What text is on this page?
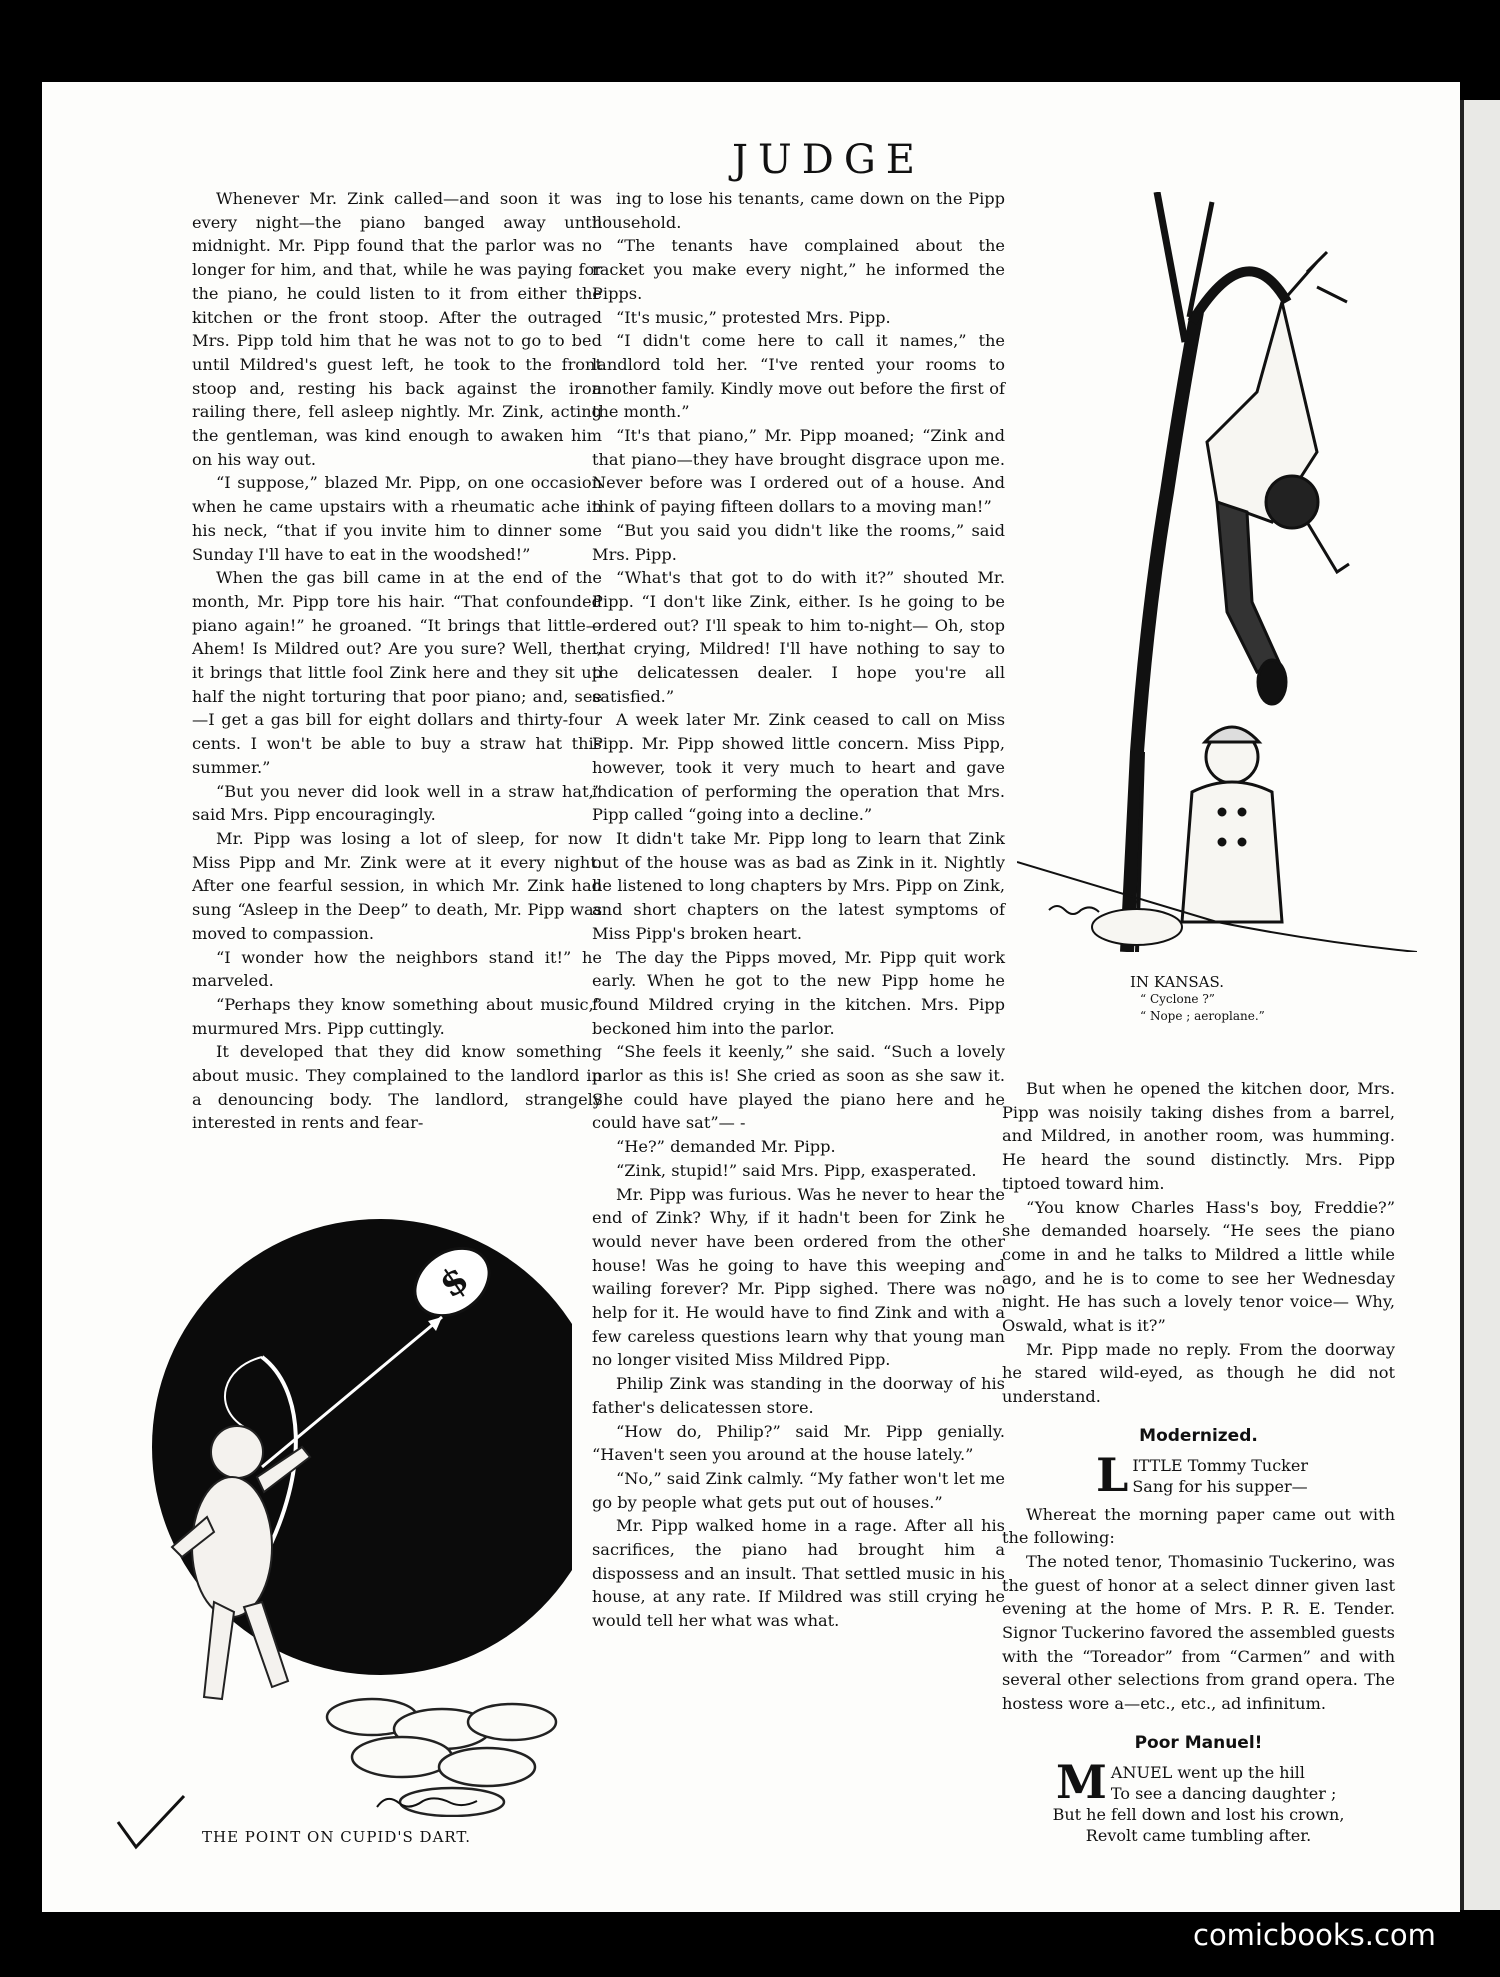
JUDGE

Whenever Mr. Zink called—and soon it was every night—the piano banged away until midnight. Mr. Pipp found that the parlor was no longer for him, and that, while he was paying for the piano, he could listen to it from either the kitchen or the front stoop. After the outraged Mrs. Pipp told him that he was not to go to bed until Mildred's guest left, he took to the front stoop and, resting his back against the iron railing there, fell asleep nightly. Mr. Zink, acting the gentleman, was kind enough to awaken him on his way out.

“I suppose,” blazed Mr. Pipp, on one occasion when he came upstairs with a rheumatic ache in his neck, “that if you invite him to dinner some Sunday I'll have to eat in the woodshed!”

When the gas bill came in at the end of the month, Mr. Pipp tore his hair. “That confounded piano again!” he groaned. “It brings that little— Ahem! Is Mildred out? Are you sure? Well, then, it brings that little fool Zink here and they sit up half the night torturing that poor piano; and, see—I get a gas bill for eight dollars and thirty-four cents. I won't be able to buy a straw hat this summer.”

“But you never did look well in a straw hat,” said Mrs. Pipp encouragingly.

Mr. Pipp was losing a lot of sleep, for now Miss Pipp and Mr. Zink were at it every night. After one fearful session, in which Mr. Zink had sung “Asleep in the Deep” to death, Mr. Pipp was moved to compassion.

“I wonder how the neighbors stand it!” he marveled.

“Perhaps they know something about music,” murmured Mrs. Pipp cuttingly.

It developed that they did know something about music. They complained to the landlord in a denouncing body. The landlord, strangely interested in rents and fear-

ing to lose his tenants, came down on the Pipp household.

“The tenants have complained about the racket you make every night,” he informed the Pipps.

“It's music,” protested Mrs. Pipp.

“I didn't come here to call it names,” the landlord told her. “I've rented your rooms to another family. Kindly move out before the first of the month.”

“It's that piano,” Mr. Pipp moaned; “Zink and that piano—they have brought disgrace upon me. Never before was I ordered out of a house. And think of paying fifteen dollars to a moving man!”

“But you said you didn't like the rooms,” said Mrs. Pipp.

“What's that got to do with it?” shouted Mr. Pipp. “I don't like Zink, either. Is he going to be ordered out? I'll speak to him to-night— Oh, stop that crying, Mildred! I'll have nothing to say to the delicatessen dealer. I hope you're all satisfied.”

A week later Mr. Zink ceased to call on Miss Pipp. Mr. Pipp showed little concern. Miss Pipp, however, took it very much to heart and gave indication of performing the operation that Mrs. Pipp called “going into a decline.”

It didn't take Mr. Pipp long to learn that Zink out of the house was as bad as Zink in it. Nightly he listened to long chapters by Mrs. Pipp on Zink, and short chapters on the latest symptoms of Miss Pipp's broken heart.

The day the Pipps moved, Mr. Pipp quit work early. When he got to the new Pipp home he found Mildred crying in the kitchen. Mrs. Pipp beckoned him into the parlor.

“She feels it keenly,” she said. “Such a lovely parlor as this is! She cried as soon as she saw it. She could have played the piano here and he could have sat”— -

“He?” demanded Mr. Pipp.

“Zink, stupid!” said Mrs. Pipp, exasperated.

Mr. Pipp was furious. Was he never to hear the end of Zink? Why, if it hadn't been for Zink he would never have been ordered from the other house! Was he going to have this weeping and wailing forever? Mr. Pipp sighed. There was no help for it. He would have to find Zink and with a few careless questions learn why that young man no longer visited Miss Mildred Pipp.

Philip Zink was standing in the doorway of his father's delicatessen store.

“How do, Philip?” said Mr. Pipp genially. “Haven't seen you around at the house lately.”

“No,” said Zink calmly. “My father won't let me go by people what gets put out of houses.”

Mr. Pipp walked home in a rage. After all his sacrifices, the piano had brought him a dispossess and an insult. That settled music in his house, at any rate. If Mildred was still crying he would tell her what was what.

But when he opened the kitchen door, Mrs. Pipp was noisily taking dishes from a barrel, and Mildred, in another room, was humming. He heard the sound distinctly. Mrs. Pipp tiptoed toward him.

“You know Charles Hass's boy, Freddie?” she demanded hoarsely. “He sees the piano come in and he talks to Mildred a little while ago, and he is to come to see her Wednesday night. He has such a lovely tenor voice— Why, Oswald, what is it?”

Mr. Pipp made no reply. From the doorway he stared wild-eyed, as though he did not understand.

Modernized.
L ITTLE Tommy Tucker
Sang for his supper—

Whereat the morning paper came out with the following:

The noted tenor, Thomasinio Tuckerino, was the guest of honor at a select dinner given last evening at the home of Mrs. P. R. E. Tender. Signor Tuckerino favored the assembled guests with the “Toreador” from “Carmen” and with several other selections from grand opera. The hostess wore a—etc., etc., ad infinitum.

Poor Manuel!
M ANUEL went up the hill
To see a dancing daughter ;
But he fell down and lost his crown,
Revolt came tumbling after.
$
THE POINT ON CUPID'S DART.
IN KANSAS.
“ Cyclone ?”
“ Nope ; aeroplane.”
comicbooks.com
